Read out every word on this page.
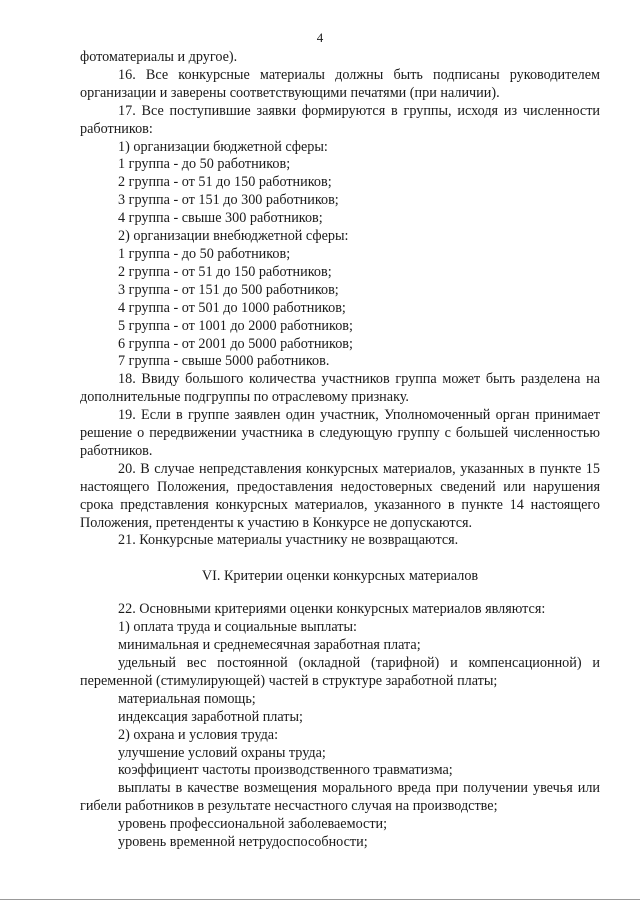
4
фотоматериалы и другое).
16. Все конкурсные материалы должны быть подписаны руководителем организации и заверены соответствующими печатями (при наличии).
17. Все поступившие заявки формируются в группы, исходя из численности работников:
1) организации бюджетной сферы:
1 группа - до 50 работников;
2 группа - от 51 до 150 работников;
3 группа - от 151 до 300 работников;
4 группа - свыше 300 работников;
2) организации внебюджетной сферы:
1 группа - до 50 работников;
2 группа - от 51 до 150 работников;
3 группа - от 151 до 500 работников;
4 группа - от 501 до 1000 работников;
5 группа - от 1001 до 2000 работников;
6 группа - от 2001 до 5000 работников;
7 группа - свыше 5000 работников.
18. Ввиду большого количества участников группа может быть разделена на дополнительные подгруппы по отраслевому признаку.
19. Если в группе заявлен один участник, Уполномоченный орган принимает решение о передвижении участника в следующую группу с большей численностью работников.
20. В случае непредставления конкурсных материалов, указанных в пункте 15 настоящего Положения, предоставления недостоверных сведений или нарушения срока представления конкурсных материалов, указанного в пункте 14 настоящего Положения, претенденты к участию в Конкурсе не допускаются.
21. Конкурсные материалы участнику не возвращаются.
VI. Критерии оценки конкурсных материалов
22. Основными критериями оценки конкурсных материалов являются:
1) оплата труда и социальные выплаты:
минимальная и среднемесячная заработная плата;
удельный вес постоянной (окладной (тарифной) и компенсационной) и переменной (стимулирующей) частей в структуре заработной платы;
материальная помощь;
индексация заработной платы;
2) охрана и условия труда:
улучшение условий охраны труда;
коэффициент частоты производственного травматизма;
выплаты в качестве возмещения морального вреда при получении увечья или гибели работников в результате несчастного случая на производстве;
уровень профессиональной заболеваемости;
уровень временной нетрудоспособности;
